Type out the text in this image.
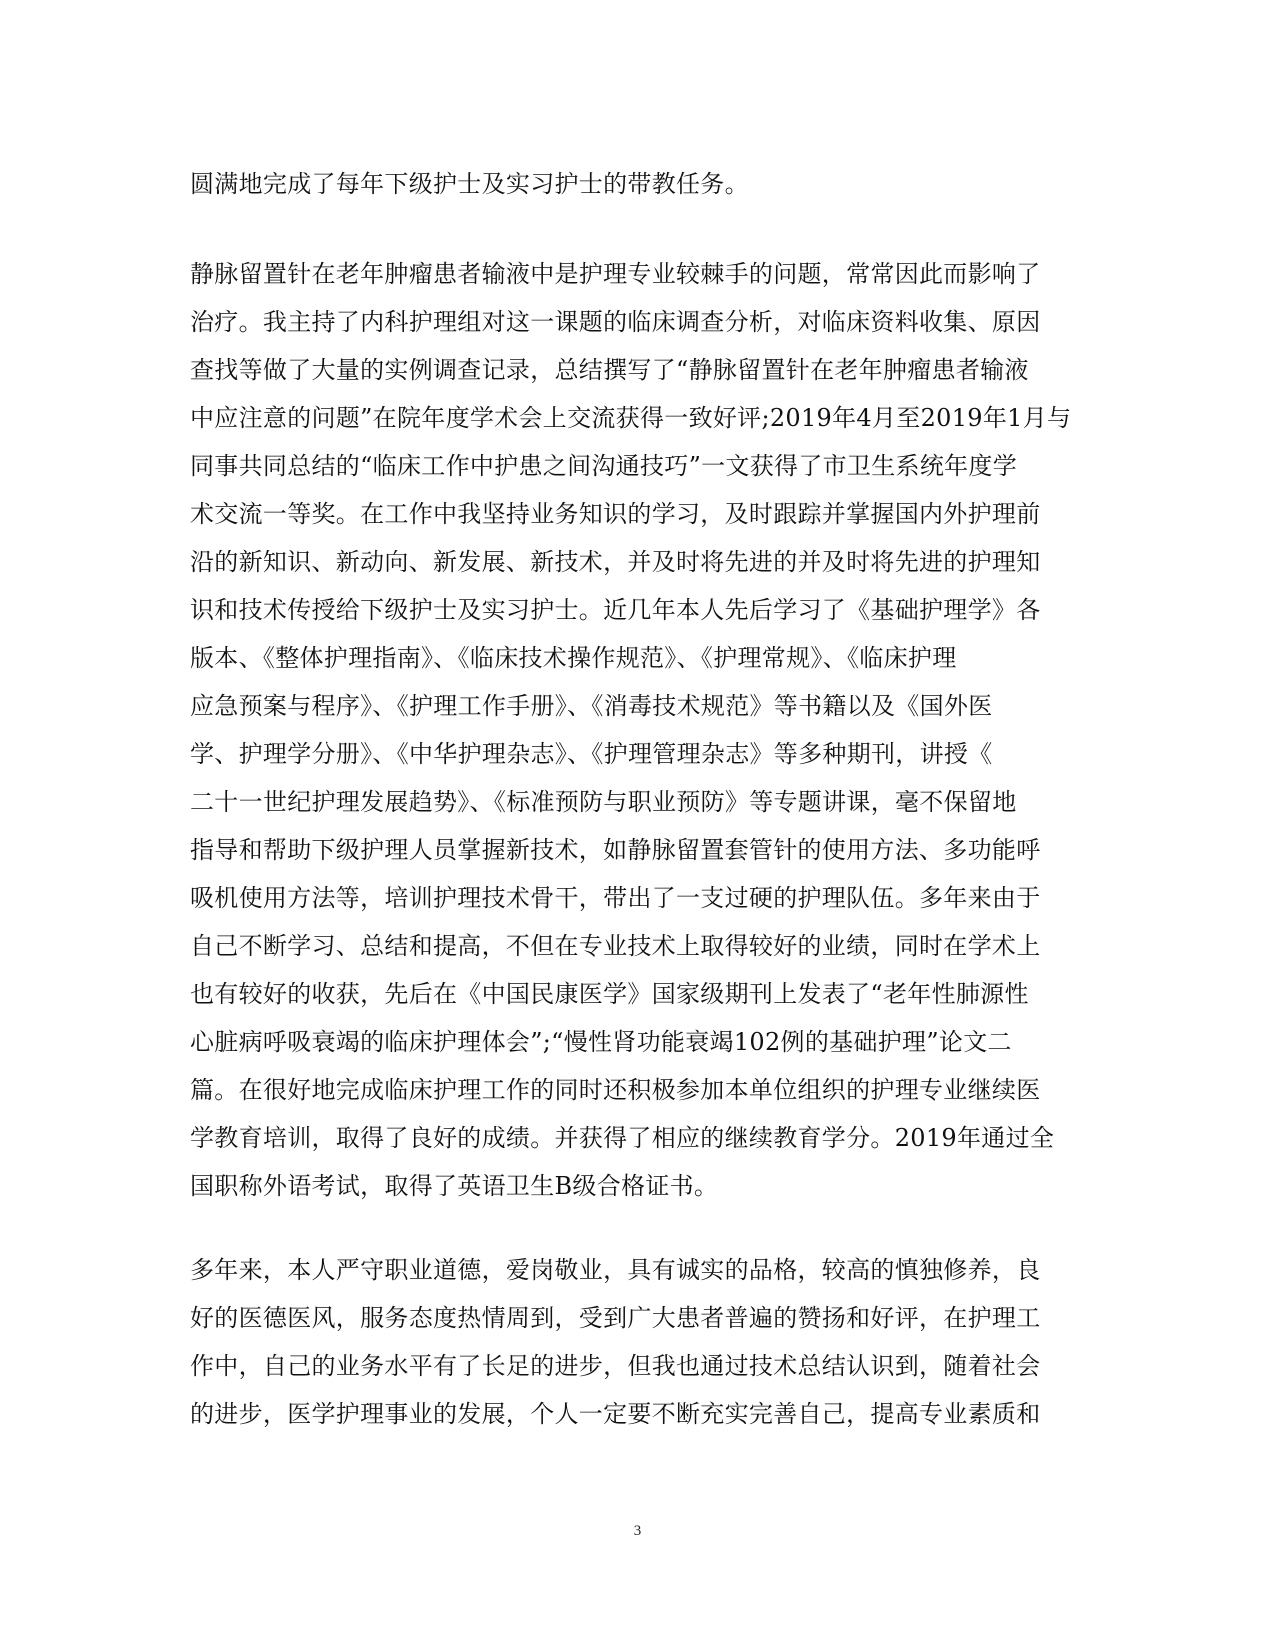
圆满地完成了每年下级护士及实习护士的带教任务。
静脉留置针在老年肿瘤患者输液中是护理专业较棘手的问题，常常因此而影响了
治疗。我主持了内科护理组对这一课题的临床调查分析，对临床资料收集、原因
查找等做了大量的实例调查记录，总结撰写了“静脉留置针在老年肿瘤患者输液
中应注意的问题”在院年度学术会上交流获得一致好评;2019年4月至2019年1月与
同事共同总结的“临床工作中护患之间沟通技巧”一文获得了市卫生系统年度学
术交流一等奖。在工作中我坚持业务知识的学习，及时跟踪并掌握国内外护理前
沿的新知识、新动向、新发展、新技术，并及时将先进的并及时将先进的护理知
识和技术传授给下级护士及实习护士。近几年本人先后学习了《基础护理学》各
版本、《整体护理指南》、《临床技术操作规范》、《护理常规》、《临床护理
应急预案与程序》、《护理工作手册》、《消毒技术规范》等书籍以及《国外医
学、护理学分册》、《中华护理杂志》、《护理管理杂志》等多种期刊，讲授《
二十一世纪护理发展趋势》、《标准预防与职业预防》等专题讲课，毫不保留地
指导和帮助下级护理人员掌握新技术，如静脉留置套管针的使用方法、多功能呼
吸机使用方法等，培训护理技术骨干，带出了一支过硬的护理队伍。多年来由于
自己不断学习、总结和提高，不但在专业技术上取得较好的业绩，同时在学术上
也有较好的收获，先后在《中国民康医学》国家级期刊上发表了“老年性肺源性
心脏病呼吸衰竭的临床护理体会”;“慢性肾功能衰竭102例的基础护理”论文二
篇。在很好地完成临床护理工作的同时还积极参加本单位组织的护理专业继续医
学教育培训，取得了良好的成绩。并获得了相应的继续教育学分。2019年通过全
国职称外语考试，取得了英语卫生B级合格证书。
多年来，本人严守职业道德，爱岗敬业，具有诚实的品格，较高的慎独修养，良
好的医德医风，服务态度热情周到，受到广大患者普遍的赞扬和好评，在护理工
作中，自己的业务水平有了长足的进步，但我也通过技术总结认识到，随着社会
的进步，医学护理事业的发展，个人一定要不断充实完善自己，提高专业素质和
3
